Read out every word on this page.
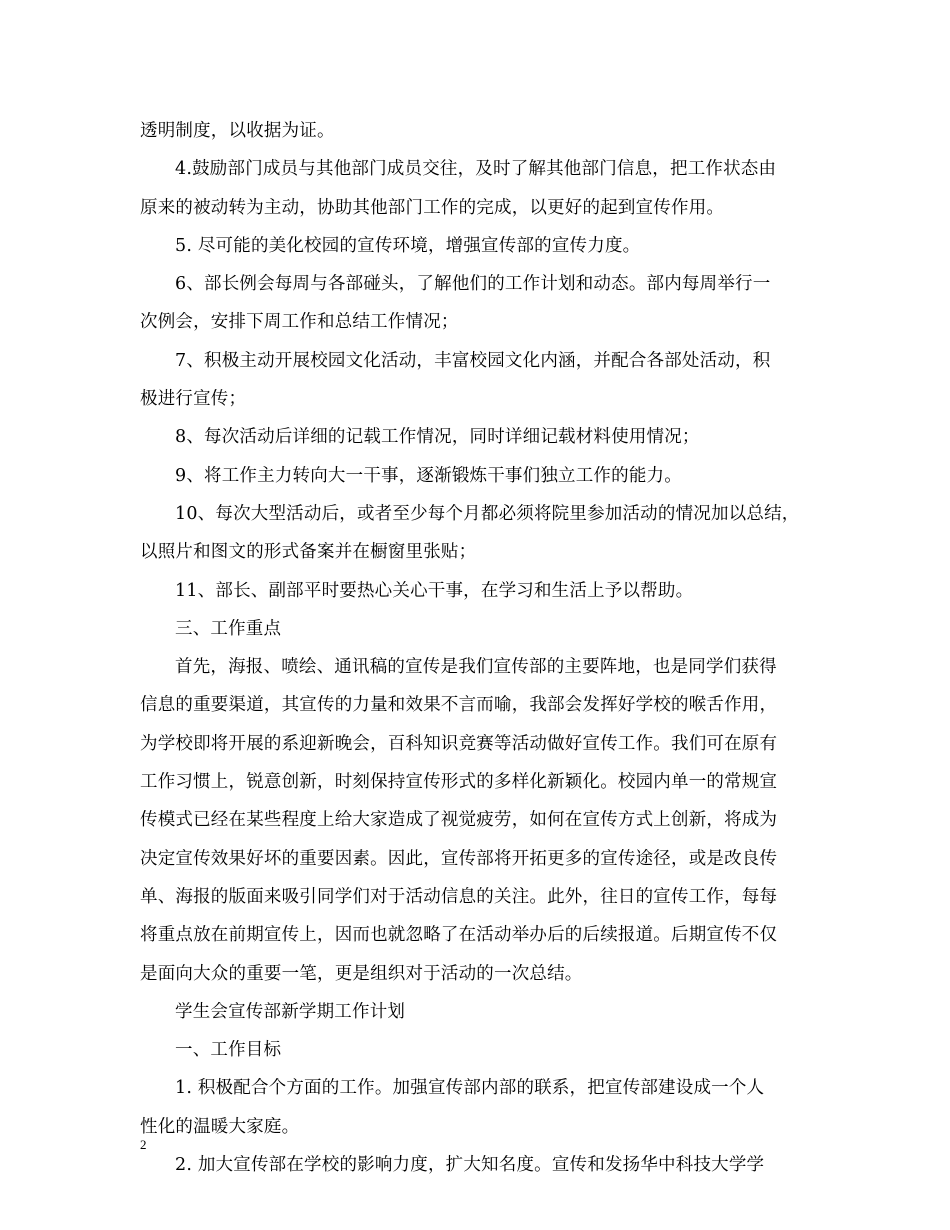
透明制度，以收据为证。
4.鼓励部门成员与其他部门成员交往，及时了解其他部门信息，把工作状态由
原来的被动转为主动，协助其他部门工作的完成，以更好的起到宣传作用。
5. 尽可能的美化校园的宣传环境，增强宣传部的宣传力度。
6、部长例会每周与各部碰头，了解他们的工作计划和动态。部内每周举行一
次例会，安排下周工作和总结工作情况；
7、积极主动开展校园文化活动，丰富校园文化内涵，并配合各部处活动，积
极进行宣传；
8、每次活动后详细的记载工作情况，同时详细记载材料使用情况；
9、将工作主力转向大一干事，逐渐锻炼干事们独立工作的能力。
10、每次大型活动后，或者至少每个月都必须将院里参加活动的情况加以总结，
以照片和图文的形式备案并在橱窗里张贴；
11、部长、副部平时要热心关心干事，在学习和生活上予以帮助。
三、工作重点
首先，海报、喷绘、通讯稿的宣传是我们宣传部的主要阵地，也是同学们获得
信息的重要渠道，其宣传的力量和效果不言而喻，我部会发挥好学校的喉舌作用，
为学校即将开展的系迎新晚会，百科知识竞赛等活动做好宣传工作。我们可在原有
工作习惯上，锐意创新，时刻保持宣传形式的多样化新颖化。校园内单一的常规宣
传模式已经在某些程度上给大家造成了视觉疲劳，如何在宣传方式上创新，将成为
决定宣传效果好坏的重要因素。因此，宣传部将开拓更多的宣传途径，或是改良传
单、海报的版面来吸引同学们对于活动信息的关注。此外，往日的宣传工作，每每
将重点放在前期宣传上，因而也就忽略了在活动举办后的后续报道。后期宣传不仅
是面向大众的重要一笔，更是组织对于活动的一次总结。
学生会宣传部新学期工作计划
一、工作目标
1. 积极配合个方面的工作。加强宣传部内部的联系，把宣传部建设成一个人
性化的温暖大家庭。
2. 加大宣传部在学校的影响力度，扩大知名度。宣传和发扬华中科技大学学
2
